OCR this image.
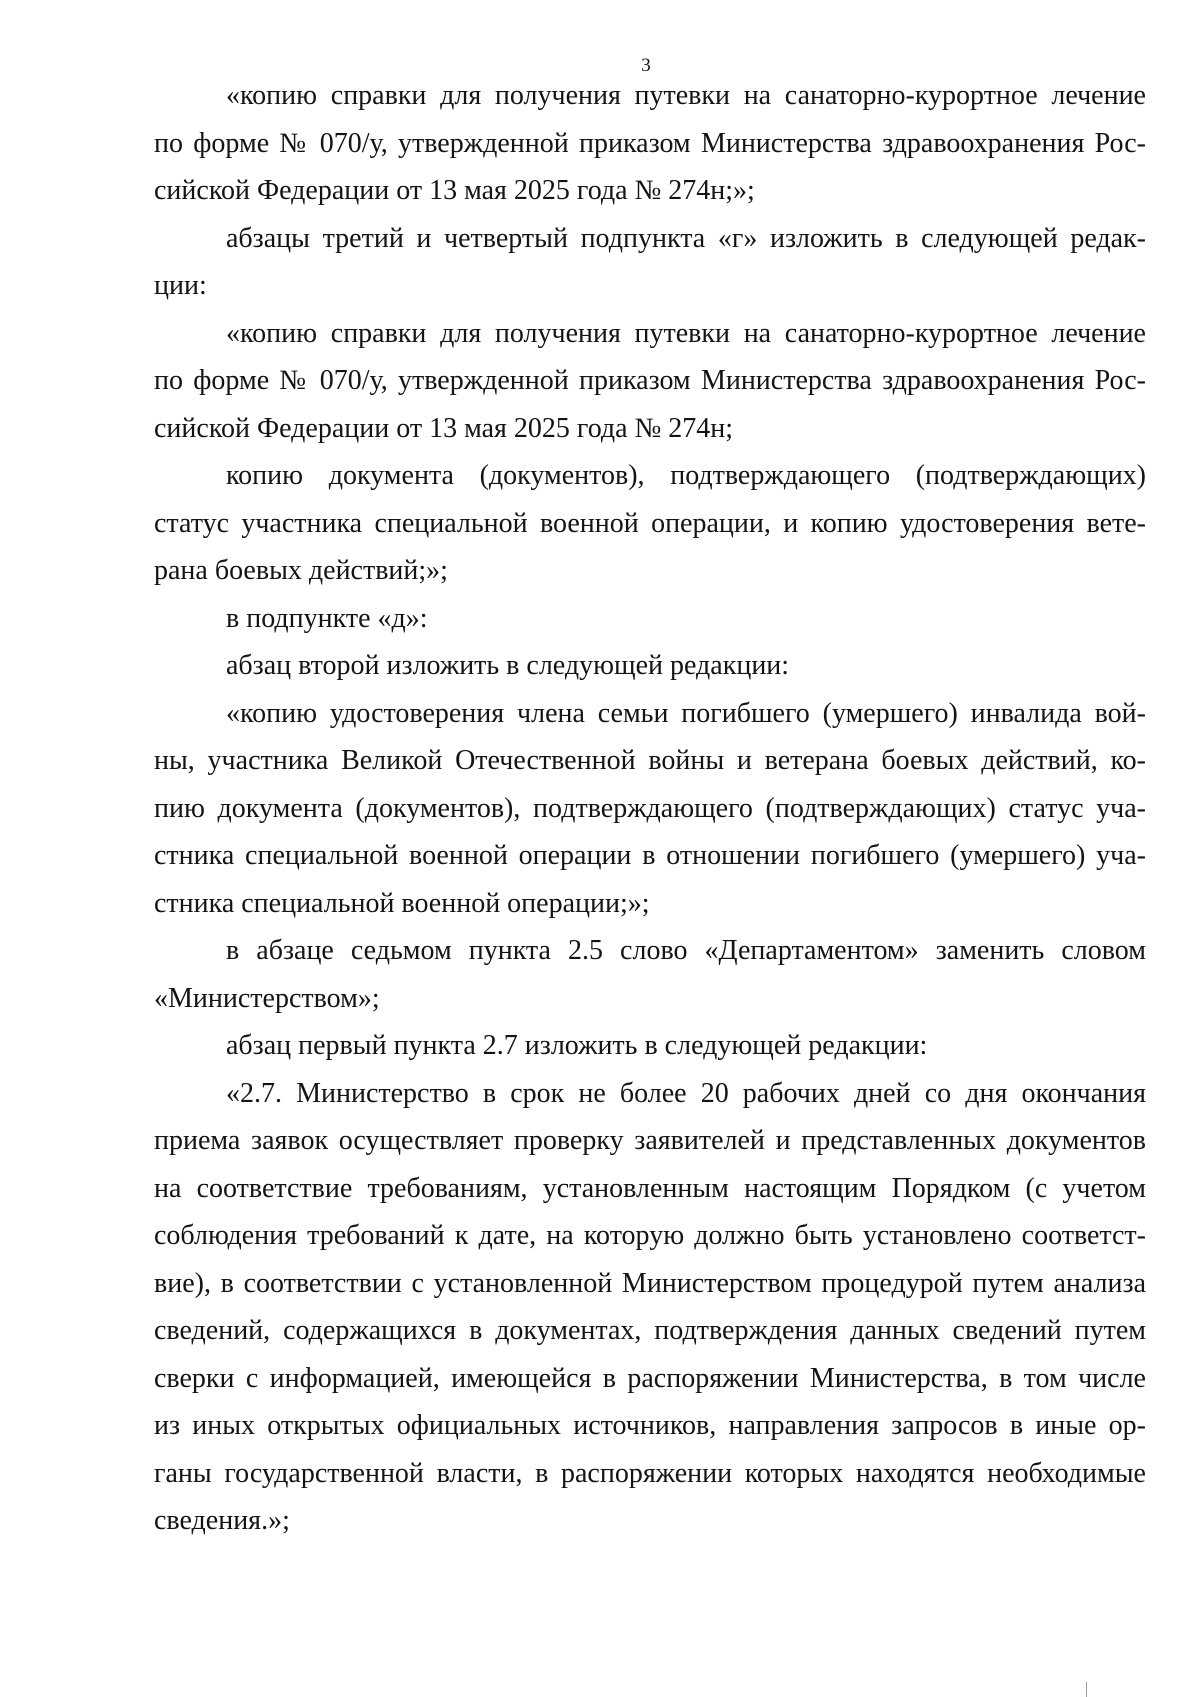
3
«копию справки для получения путевки на санаторно-курортное лечение
по форме № 070/у, утвержденной приказом Министерства здравоохранения Рос-
сийской Федерации от 13 мая 2025 года № 274н;»;
абзацы третий и четвертый подпункта «г» изложить в следующей редак-
ции:
«копию справки для получения путевки на санаторно-курортное лечение
по форме № 070/у, утвержденной приказом Министерства здравоохранения Рос-
сийской Федерации от 13 мая 2025 года № 274н;
копию документа (документов), подтверждающего (подтверждающих)
статус участника специальной военной операции, и копию удостоверения вете-
рана боевых действий;»;
в подпункте «д»:
абзац второй изложить в следующей редакции:
«копию удостоверения члена семьи погибшего (умершего) инвалида вой-
ны, участника Великой Отечественной войны и ветерана боевых действий, ко-
пию документа (документов), подтверждающего (подтверждающих) статус уча-
стника специальной военной операции в отношении погибшего (умершего) уча-
стника специальной военной операции;»;
в абзаце седьмом пункта 2.5 слово «Департаментом» заменить словом
«Министерством»;
абзац первый пункта 2.7 изложить в следующей редакции:
«2.7. Министерство в срок не более 20 рабочих дней со дня окончания
приема заявок осуществляет проверку заявителей и представленных документов
на соответствие требованиям, установленным настоящим Порядком (с учетом
соблюдения требований к дате, на которую должно быть установлено соответст-
вие), в соответствии с установленной Министерством процедурой путем анализа
сведений, содержащихся в документах, подтверждения данных сведений путем
сверки с информацией, имеющейся в распоряжении Министерства, в том числе
из иных открытых официальных источников, направления запросов в иные ор-
ганы государственной власти, в распоряжении которых находятся необходимые
сведения.»;
